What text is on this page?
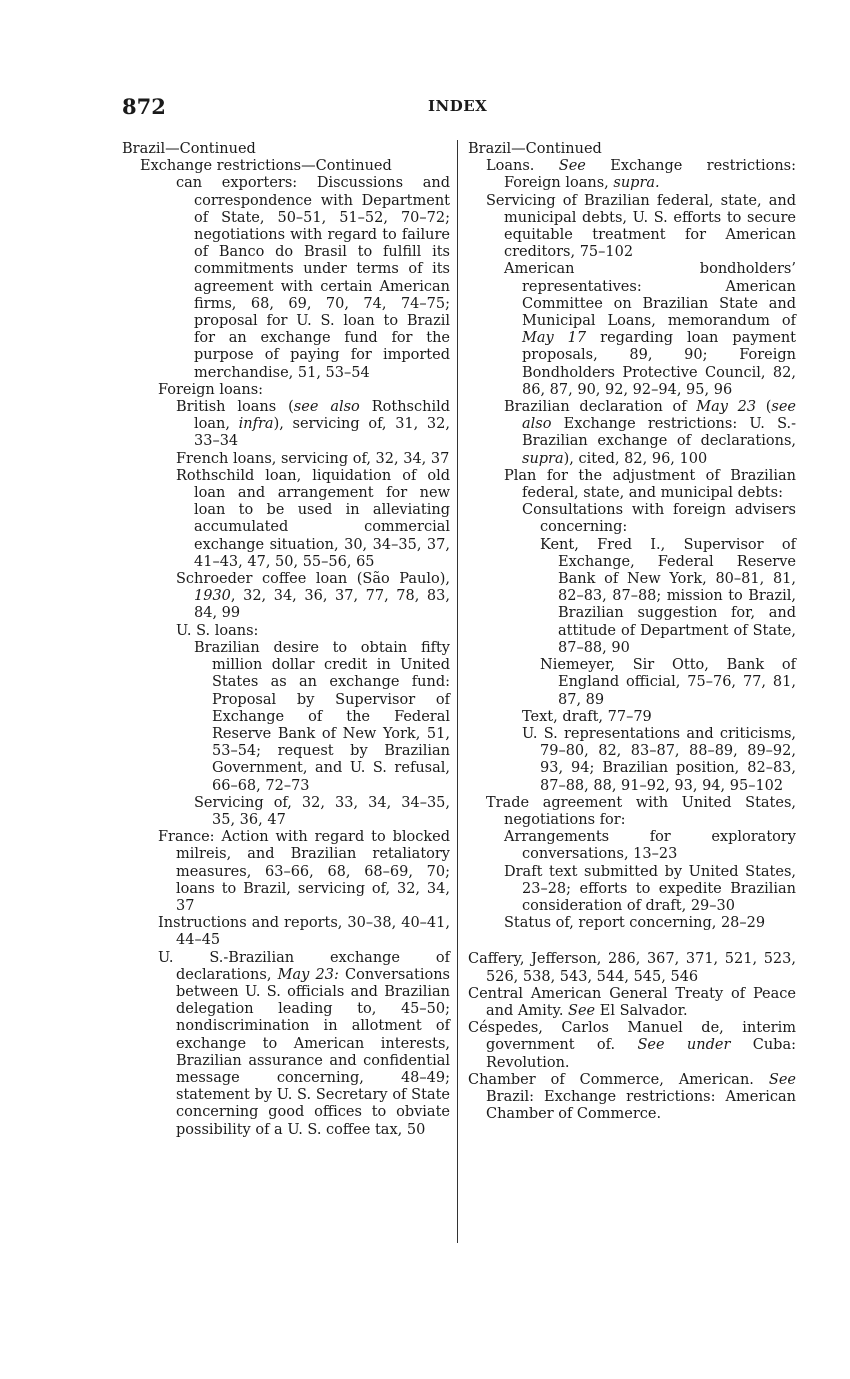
872	INDEX

Brazil—Continued

Exchange restrictions—Continued

can exporters: Discussions and correspondence with Department of State, 50–51, 51–52, 70–72; negotiations with regard to failure of Banco do Brasil to fulfill its commitments under terms of its agreement with certain American firms, 68, 69, 70, 74, 74–75; proposal for U. S. loan to Brazil for an exchange fund for the purpose of paying for imported merchandise, 51, 53–54

Foreign loans:

British loans (see also Rothschild loan, infra), servicing of, 31, 32, 33–34

French loans, servicing of, 32, 34, 37

Rothschild loan, liquidation of old loan and arrangement for new loan to be used in alleviating accumulated commercial exchange situation, 30, 34–35, 37, 41–43, 47, 50, 55–56, 65

Schroeder coffee loan (São Paulo), 1930, 32, 34, 36, 37, 77, 78, 83, 84, 99

U. S. loans:

Brazilian desire to obtain fifty million dollar credit in United States as an exchange fund: Proposal by Supervisor of Exchange of the Federal Reserve Bank of New York, 51, 53–54; request by Brazilian Government, and U. S. refusal, 66–68, 72–73

Servicing of, 32, 33, 34, 34–35, 35, 36, 47

France: Action with regard to blocked milreis, and Brazilian retaliatory measures, 63–66, 68, 68–69, 70; loans to Brazil, servicing of, 32, 34, 37

Instructions and reports, 30–38, 40–41, 44–45

U. S.-Brazilian exchange of declarations, May 23: Conversations between U. S. officials and Brazilian delegation leading to, 45–50; nondiscrimination in allotment of exchange to American interests, Brazilian assurance and confidential message concerning, 48–49; statement by U. S. Secretary of State concerning good offices to obviate possibility of a U. S. coffee tax, 50

Brazil—Continued

Loans. See Exchange restrictions: Foreign loans, supra.

Servicing of Brazilian federal, state, and municipal debts, U. S. efforts to secure equitable treatment for American creditors, 75–102

American bondholders’ representatives: American Committee on Brazilian State and Municipal Loans, memorandum of May 17 regarding loan payment proposals, 89, 90; Foreign Bondholders Protective Council, 82, 86, 87, 90, 92, 92–94, 95, 96

Brazilian declaration of May 23 (see also Exchange restrictions: U. S.-Brazilian exchange of declarations, supra), cited, 82, 96, 100

Plan for the adjustment of Brazilian federal, state, and municipal debts:

Consultations with foreign advisers concerning:

Kent, Fred I., Supervisor of Exchange, Federal Reserve Bank of New York, 80–81, 81, 82–83, 87–88; mission to Brazil, Brazilian suggestion for, and attitude of Department of State, 87–88, 90

Niemeyer, Sir Otto, Bank of England official, 75–76, 77, 81, 87, 89

Text, draft, 77–79

U. S. representations and criticisms, 79–80, 82, 83–87, 88–89, 89–92, 93, 94; Brazilian position, 82–83, 87–88, 88, 91–92, 93, 94, 95–102

Trade agreement with United States, negotiations for:

Arrangements for exploratory conversations, 13–23

Draft text submitted by United States, 23–28; efforts to expedite Brazilian consideration of draft, 29–30

Status of, report concerning, 28–29

Caffery, Jefferson, 286, 367, 371, 521, 523, 526, 538, 543, 544, 545, 546

Central American General Treaty of Peace and Amity. See El Salvador.

Céspedes, Carlos Manuel de, interim government of. See under Cuba: Revolution.

Chamber of Commerce, American. See Brazil: Exchange restrictions: American Chamber of Commerce.
